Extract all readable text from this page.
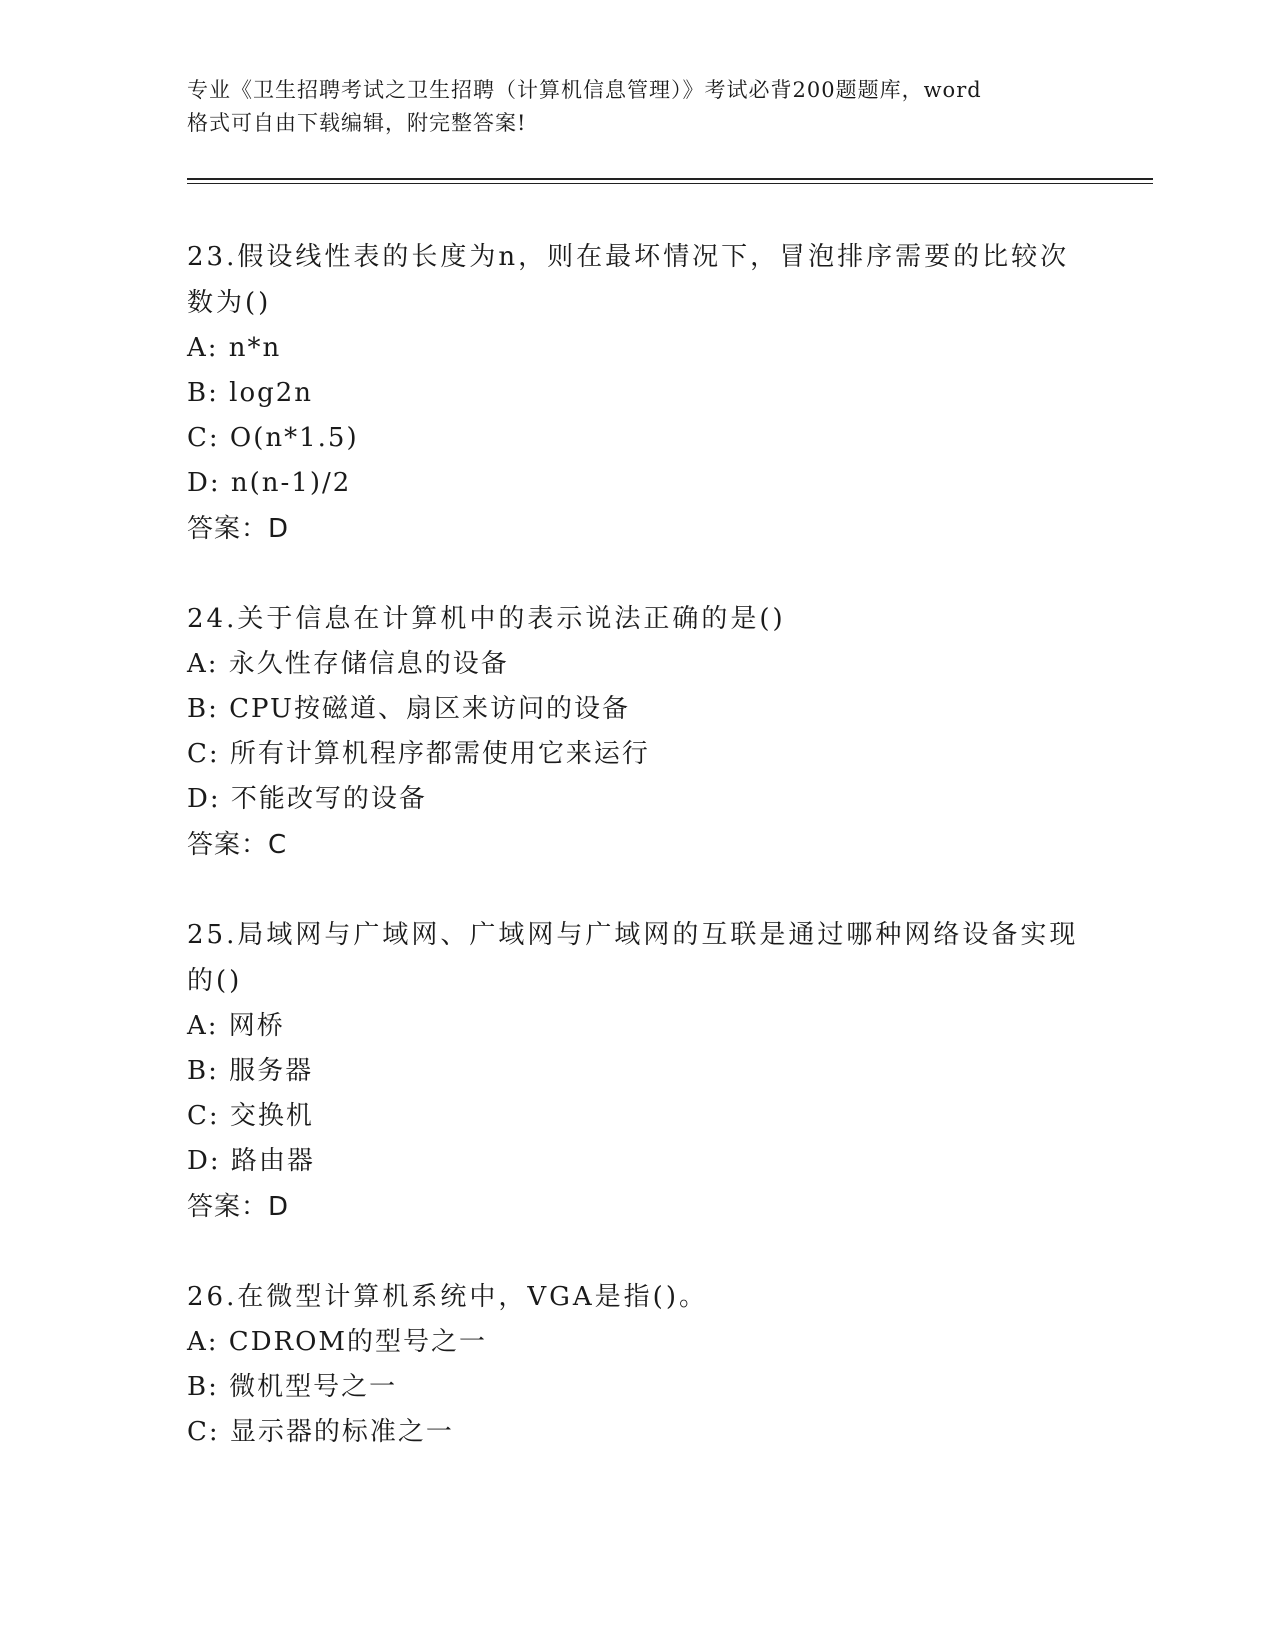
专业《卫生招聘考试之卫生招聘（计算机信息管理）》考试必背200题题库，word
格式可自由下载编辑，附完整答案!
23.假设线性表的长度为n，则在最坏情况下，冒泡排序需要的比较次
数为()
A: n*n
B: log2n
C: O(n*1.5)
D: n(n-1)/2
答案：D
24.关于信息在计算机中的表示说法正确的是()
A: 永久性存储信息的设备
B: CPU按磁道、扇区来访问的设备
C: 所有计算机程序都需使用它来运行
D: 不能改写的设备
答案：C
25.局域网与广域网、广域网与广域网的互联是通过哪种网络设备实现
的()
A: 网桥
B: 服务器
C: 交换机
D: 路由器
答案：D
26.在微型计算机系统中，VGA是指()。
A: CDROM的型号之一
B: 微机型号之一
C: 显示器的标准之一
